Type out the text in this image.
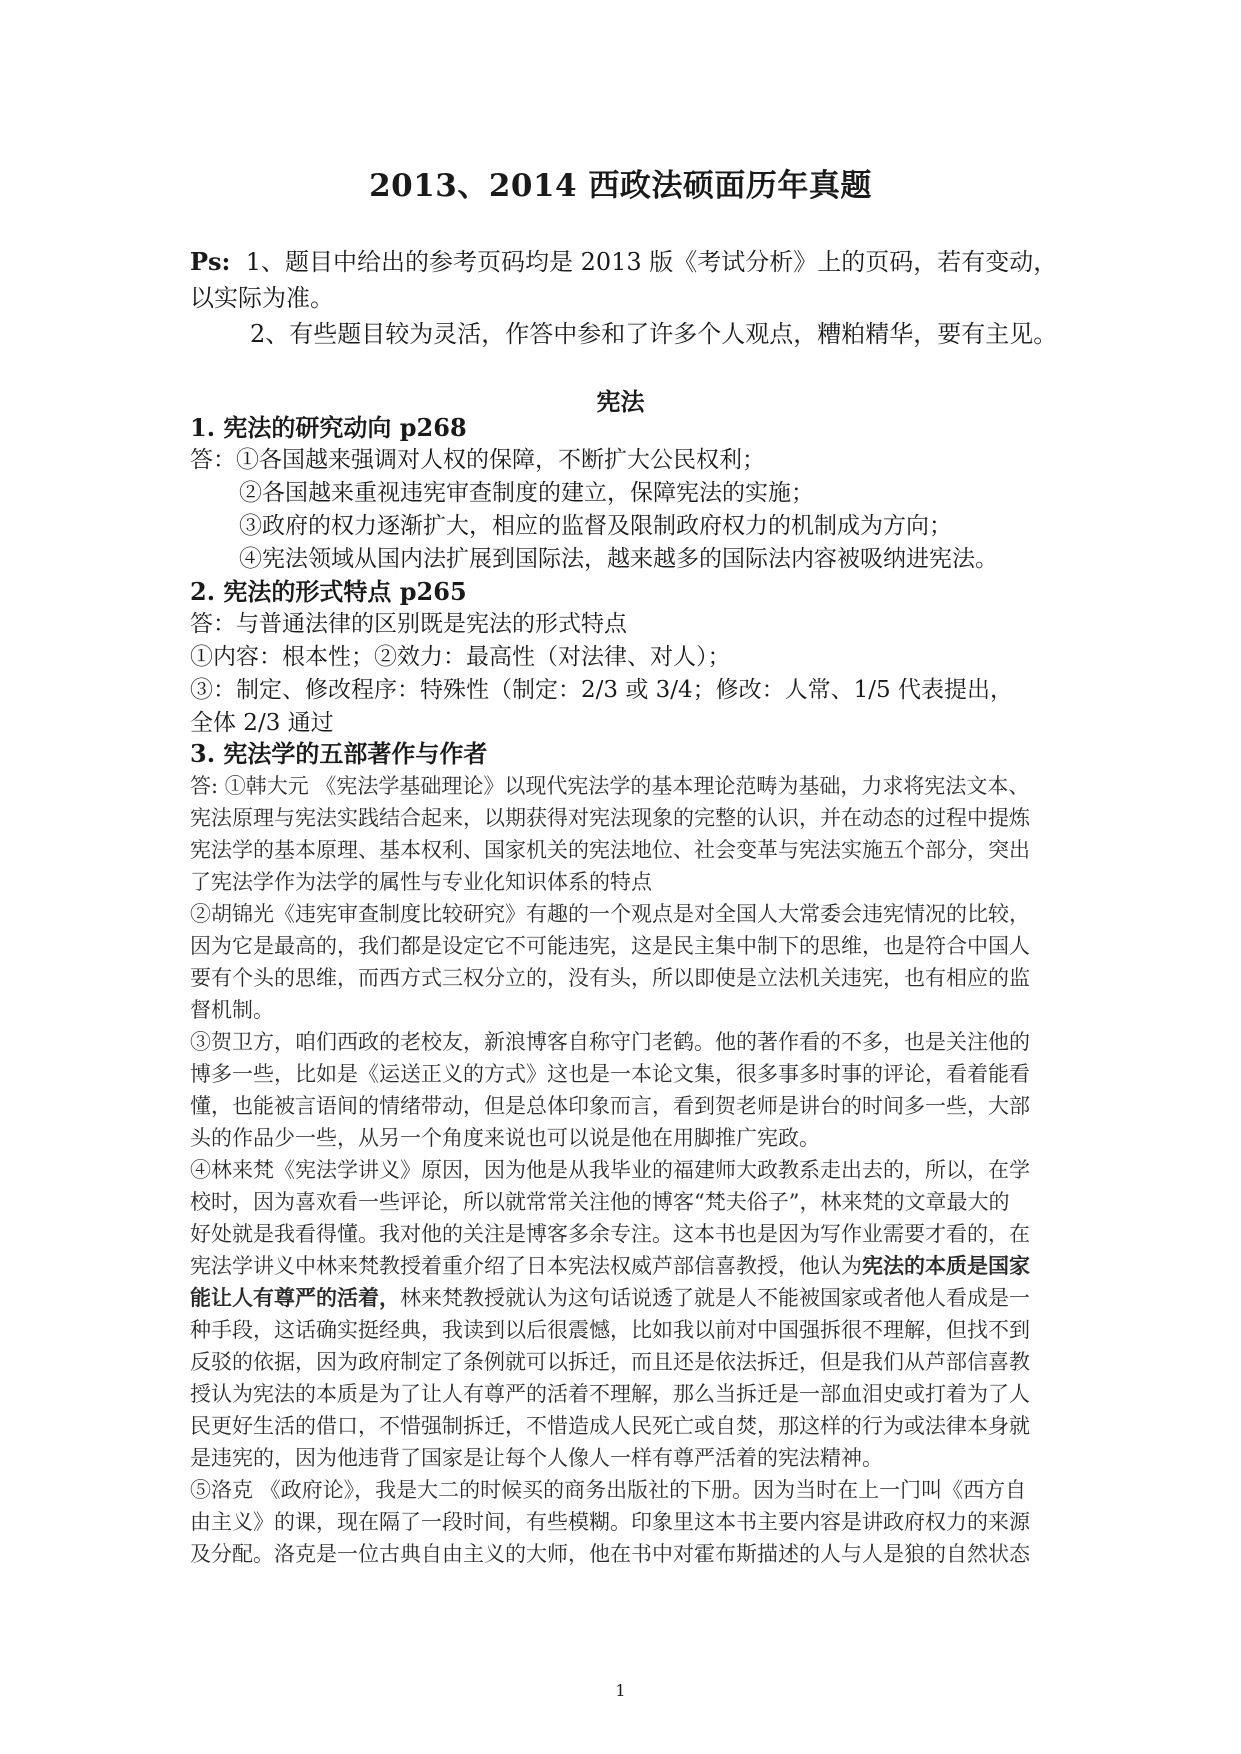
2013、2014 西政法硕面历年真题
Ps: 1、题目中给出的参考页码均是 2013 版《考试分析》上的页码，若有变动，
以实际为准。
2、有些题目较为灵活，作答中参和了许多个人观点，糟粕精华，要有主见。
宪法
1. 宪法的研究动向 p268
答：①各国越来强调对人权的保障，不断扩大公民权利；
②各国越来重视违宪审查制度的建立，保障宪法的实施；
③政府的权力逐渐扩大，相应的监督及限制政府权力的机制成为方向；
④宪法领域从国内法扩展到国际法，越来越多的国际法内容被吸纳进宪法。
2. 宪法的形式特点 p265
答：与普通法律的区别既是宪法的形式特点
①内容：根本性；②效力：最高性（对法律、对人）；
③：制定、修改程序：特殊性（制定：2/3 或 3/4；修改：人常、1/5 代表提出，
全体 2/3 通过
3. 宪法学的五部著作与作者
答: ①韩大元 《宪法学基础理论》以现代宪法学的基本理论范畴为基础，力求将宪法文本、
宪法原理与宪法实践结合起来，以期获得对宪法现象的完整的认识，并在动态的过程中提炼
宪法学的基本原理、基本权利、国家机关的宪法地位、社会变革与宪法实施五个部分，突出
了宪法学作为法学的属性与专业化知识体系的特点
②胡锦光《违宪审查制度比较研究》有趣的一个观点是对全国人大常委会违宪情况的比较，
因为它是最高的，我们都是设定它不可能违宪，这是民主集中制下的思维，也是符合中国人
要有个头的思维，而西方式三权分立的，没有头，所以即使是立法机关违宪，也有相应的监
督机制。
③贺卫方，咱们西政的老校友，新浪博客自称守门老鹤。他的著作看的不多，也是关注他的
博多一些，比如是《运送正义的方式》这也是一本论文集，很多事多时事的评论，看着能看
懂，也能被言语间的情绪带动，但是总体印象而言，看到贺老师是讲台的时间多一些，大部
头的作品少一些，从另一个角度来说也可以说是他在用脚推广宪政。
④林来梵《宪法学讲义》原因，因为他是从我毕业的福建师大政教系走出去的，所以，在学
校时，因为喜欢看一些评论，所以就常常关注他的博客“梵夫俗子”，林来梵的文章最大的
好处就是我看得懂。我对他的关注是博客多余专注。这本书也是因为写作业需要才看的，在
宪法学讲义中林来梵教授着重介绍了日本宪法权威芦部信喜教授，他认为宪法的本质是国家
能让人有尊严的活着，林来梵教授就认为这句话说透了就是人不能被国家或者他人看成是一
种手段，这话确实挺经典，我读到以后很震憾，比如我以前对中国强拆很不理解，但找不到
反驳的依据，因为政府制定了条例就可以拆迁，而且还是依法拆迁，但是我们从芦部信喜教
授认为宪法的本质是为了让人有尊严的活着不理解，那么当拆迁是一部血泪史或打着为了人
民更好生活的借口，不惜强制拆迁，不惜造成人民死亡或自焚，那这样的行为或法律本身就
是违宪的，因为他违背了国家是让每个人像人一样有尊严活着的宪法精神。
⑤洛克 《政府论》，我是大二的时候买的商务出版社的下册。因为当时在上一门叫《西方自
由主义》的课，现在隔了一段时间，有些模糊。印象里这本书主要内容是讲政府权力的来源
及分配。洛克是一位古典自由主义的大师，他在书中对霍布斯描述的人与人是狼的自然状态
1
